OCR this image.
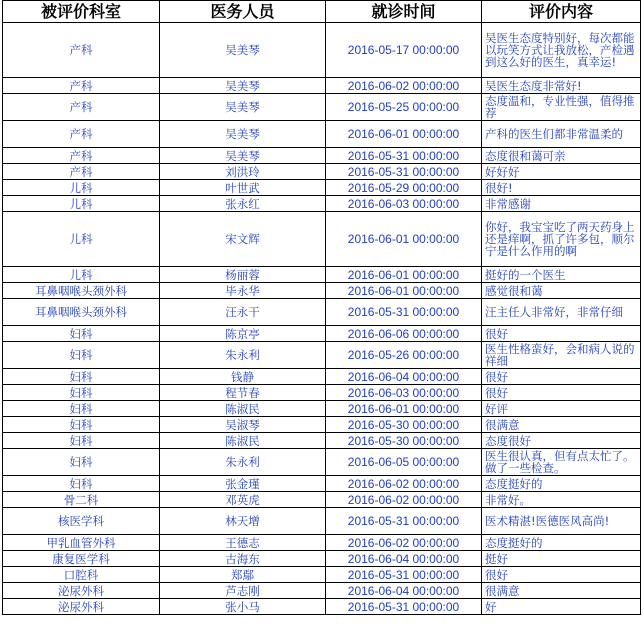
被评价科室	医务人员	就诊时间	评价内容
产科	吴美琴	2016-05-17 00:00:00	吴医生态度特别好，每次都能以玩笑方式让我放松，产检遇到这么好的医生，真幸运!
产科	吴美琴	2016-06-02 00:00:00	吴医生态度非常好!
产科	吴美琴	2016-05-25 00:00:00	态度温和，专业性强，值得推荐
产科	吴美琴	2016-06-01 00:00:00	产科的医生们都非常温柔的
产科	吴美琴	2016-05-31 00:00:00	态度很和蔼可亲
产科	刘洪玲	2016-05-31 00:00:00	好好好
儿科	叶世武	2016-05-29 00:00:00	很好!
儿科	张永红	2016-06-03 00:00:00	非常感谢
儿科	宋文辉	2016-06-01 00:00:00	你好，我宝宝吃了两天药身上还是痒啊，抓了许多包，顺尔宁是什么作用的啊
儿科	杨丽蓉	2016-06-01 00:00:00	挺好的一个医生
耳鼻咽喉头颈外科	毕永华	2016-06-01 00:00:00	感觉很和蔼
耳鼻咽喉头颈外科	汪永干	2016-05-31 00:00:00	汪主任人非常好，非常仔细
妇科	陈京亭	2016-06-06 00:00:00	很好
妇科	朱永利	2016-05-26 00:00:00	医生性格蛮好，会和病人说的祥细
妇科	钱静	2016-06-04 00:00:00	很好
妇科	程节春	2016-06-03 00:00:00	很好
妇科	陈淑民	2016-06-01 00:00:00	好评
妇科	吴淑琴	2016-05-30 00:00:00	很满意
妇科	陈淑民	2016-05-30 00:00:00	态度很好
妇科	朱永利	2016-06-05 00:00:00	医生很认真，但有点太忙了。做了一些检查。
妇科	张金瑾	2016-06-02 00:00:00	态度挺好的
骨二科	邓英虎	2016-06-02 00:00:00	非常好。
核医学科	林天增	2016-05-31 00:00:00	医术精湛!医德医风高尚!
甲乳血管外科	王德志	2016-06-02 00:00:00	态度挺好的
康复医学科	古海东	2016-06-04 00:00:00	挺好
口腔科	郑鄢	2016-05-31 00:00:00	很好
泌尿外科	芦志刚	2016-06-04 00:00:00	很满意
泌尿外科	张小马	2016-05-31 00:00:00	好
